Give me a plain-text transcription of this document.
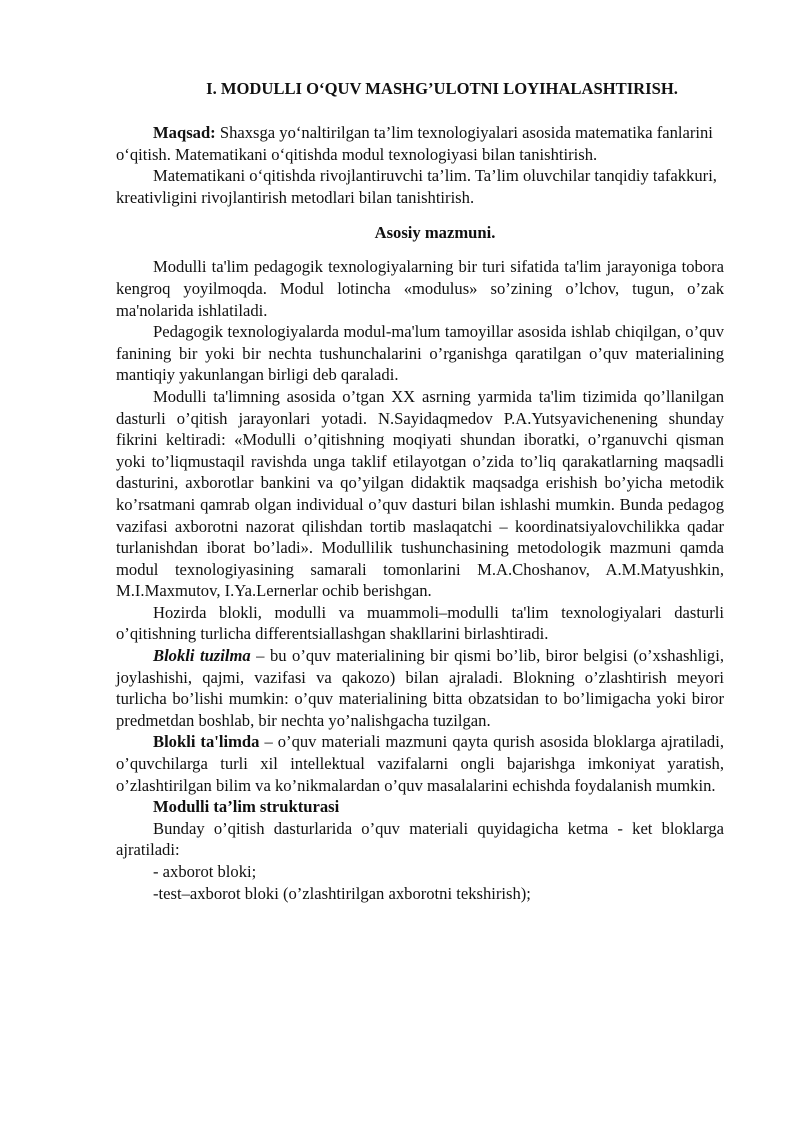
I. MODULLI O‘QUV MASHG’ULOTNI LOYIHALASHTIRISH.

Maqsad: Shaxsga yo‘naltirilgan ta’lim texnologiyalari asosida matematika fanlarini o‘qitish. Matematikani o‘qitishda modul texnologiyasi bilan tanishtirish.

Matematikani o‘qitishda rivojlantiruvchi ta’lim. Ta’lim oluvchilar tanqidiy tafakkuri, kreativligini rivojlantirish metodlari bilan tanishtirish.

Asosiy mazmuni.

Modulli ta'lim pedagogik texnologiyalarning bir turi sifatida ta'lim jarayoniga tobora kengroq yoyilmoqda. Modul lotincha «modulus» so’zining o’lchov, tugun, o’zak ma'nolarida ishlatiladi.

Pedagogik texnologiyalarda modul-ma'lum tamoyillar asosida ishlab chiqilgan, o’quv fanining bir yoki bir nechta tushunchalarini o’rganishga qaratilgan o’quv materialining mantiqiy yakunlangan birligi deb qaraladi.

Modulli ta'limning asosida o’tgan XX asrning yarmida ta'lim tizimida qo’llanilgan dasturli o’qitish jarayonlari yotadi. N.Sayidaqmedov P.A.Yutsyavichenening shunday fikrini keltiradi: «Modulli o’qitishning moqiyati shundan iboratki, o’rganuvchi qisman yoki to’liqmustaqil ravishda unga taklif etilayotgan o’zida to’liq qarakatlarning maqsadli dasturini, axborotlar bankini va qo’yilgan didaktik maqsadga erishish bo’yicha metodik ko’rsatmani qamrab olgan individual o’quv dasturi bilan ishlashi mumkin. Bunda pedagog vazifasi axborotni nazorat qilishdan tortib maslaqatchi – koordinatsiyalovchilikka qadar turlanishdan iborat bo’ladi». Modullilik tushunchasining metodologik mazmuni qamda modul texnologiyasining samarali tomonlarini M.A.Choshanov, A.M.Matyushkin, M.I.Maxmutov, I.Ya.Lernerlar ochib berishgan.

Hozirda blokli, modulli va muammoli–modulli ta'lim texnologiyalari dasturli o’qitishning turlicha differentsiallashgan shakllarini birlashtiradi.

Blokli tuzilma – bu o’quv materialining bir qismi bo’lib, biror belgisi (o’xshashligi, joylashishi, qajmi, vazifasi va qakozo) bilan ajraladi. Blokning o’zlashtirish meyori turlicha bo’lishi mumkin: o’quv materialining bitta obzatsidan to bo’limigacha yoki biror predmetdan boshlab, bir nechta yo’nalishgacha tuzilgan.

Blokli ta'limda – o’quv materiali mazmuni qayta qurish asosida bloklarga ajratiladi, o’quvchilarga turli xil intellektual vazifalarni ongli bajarishga imkoniyat yaratish, o’zlashtirilgan bilim va ko’nikmalardan o’quv masalalarini echishda foydalanish mumkin.

Modulli ta’lim strukturasi

Bunday o’qitish dasturlarida o’quv materiali quyidagicha ketma - ket bloklarga ajratiladi:

- axborot bloki;

-test–axborot bloki (o’zlashtirilgan axborotni tekshirish);
